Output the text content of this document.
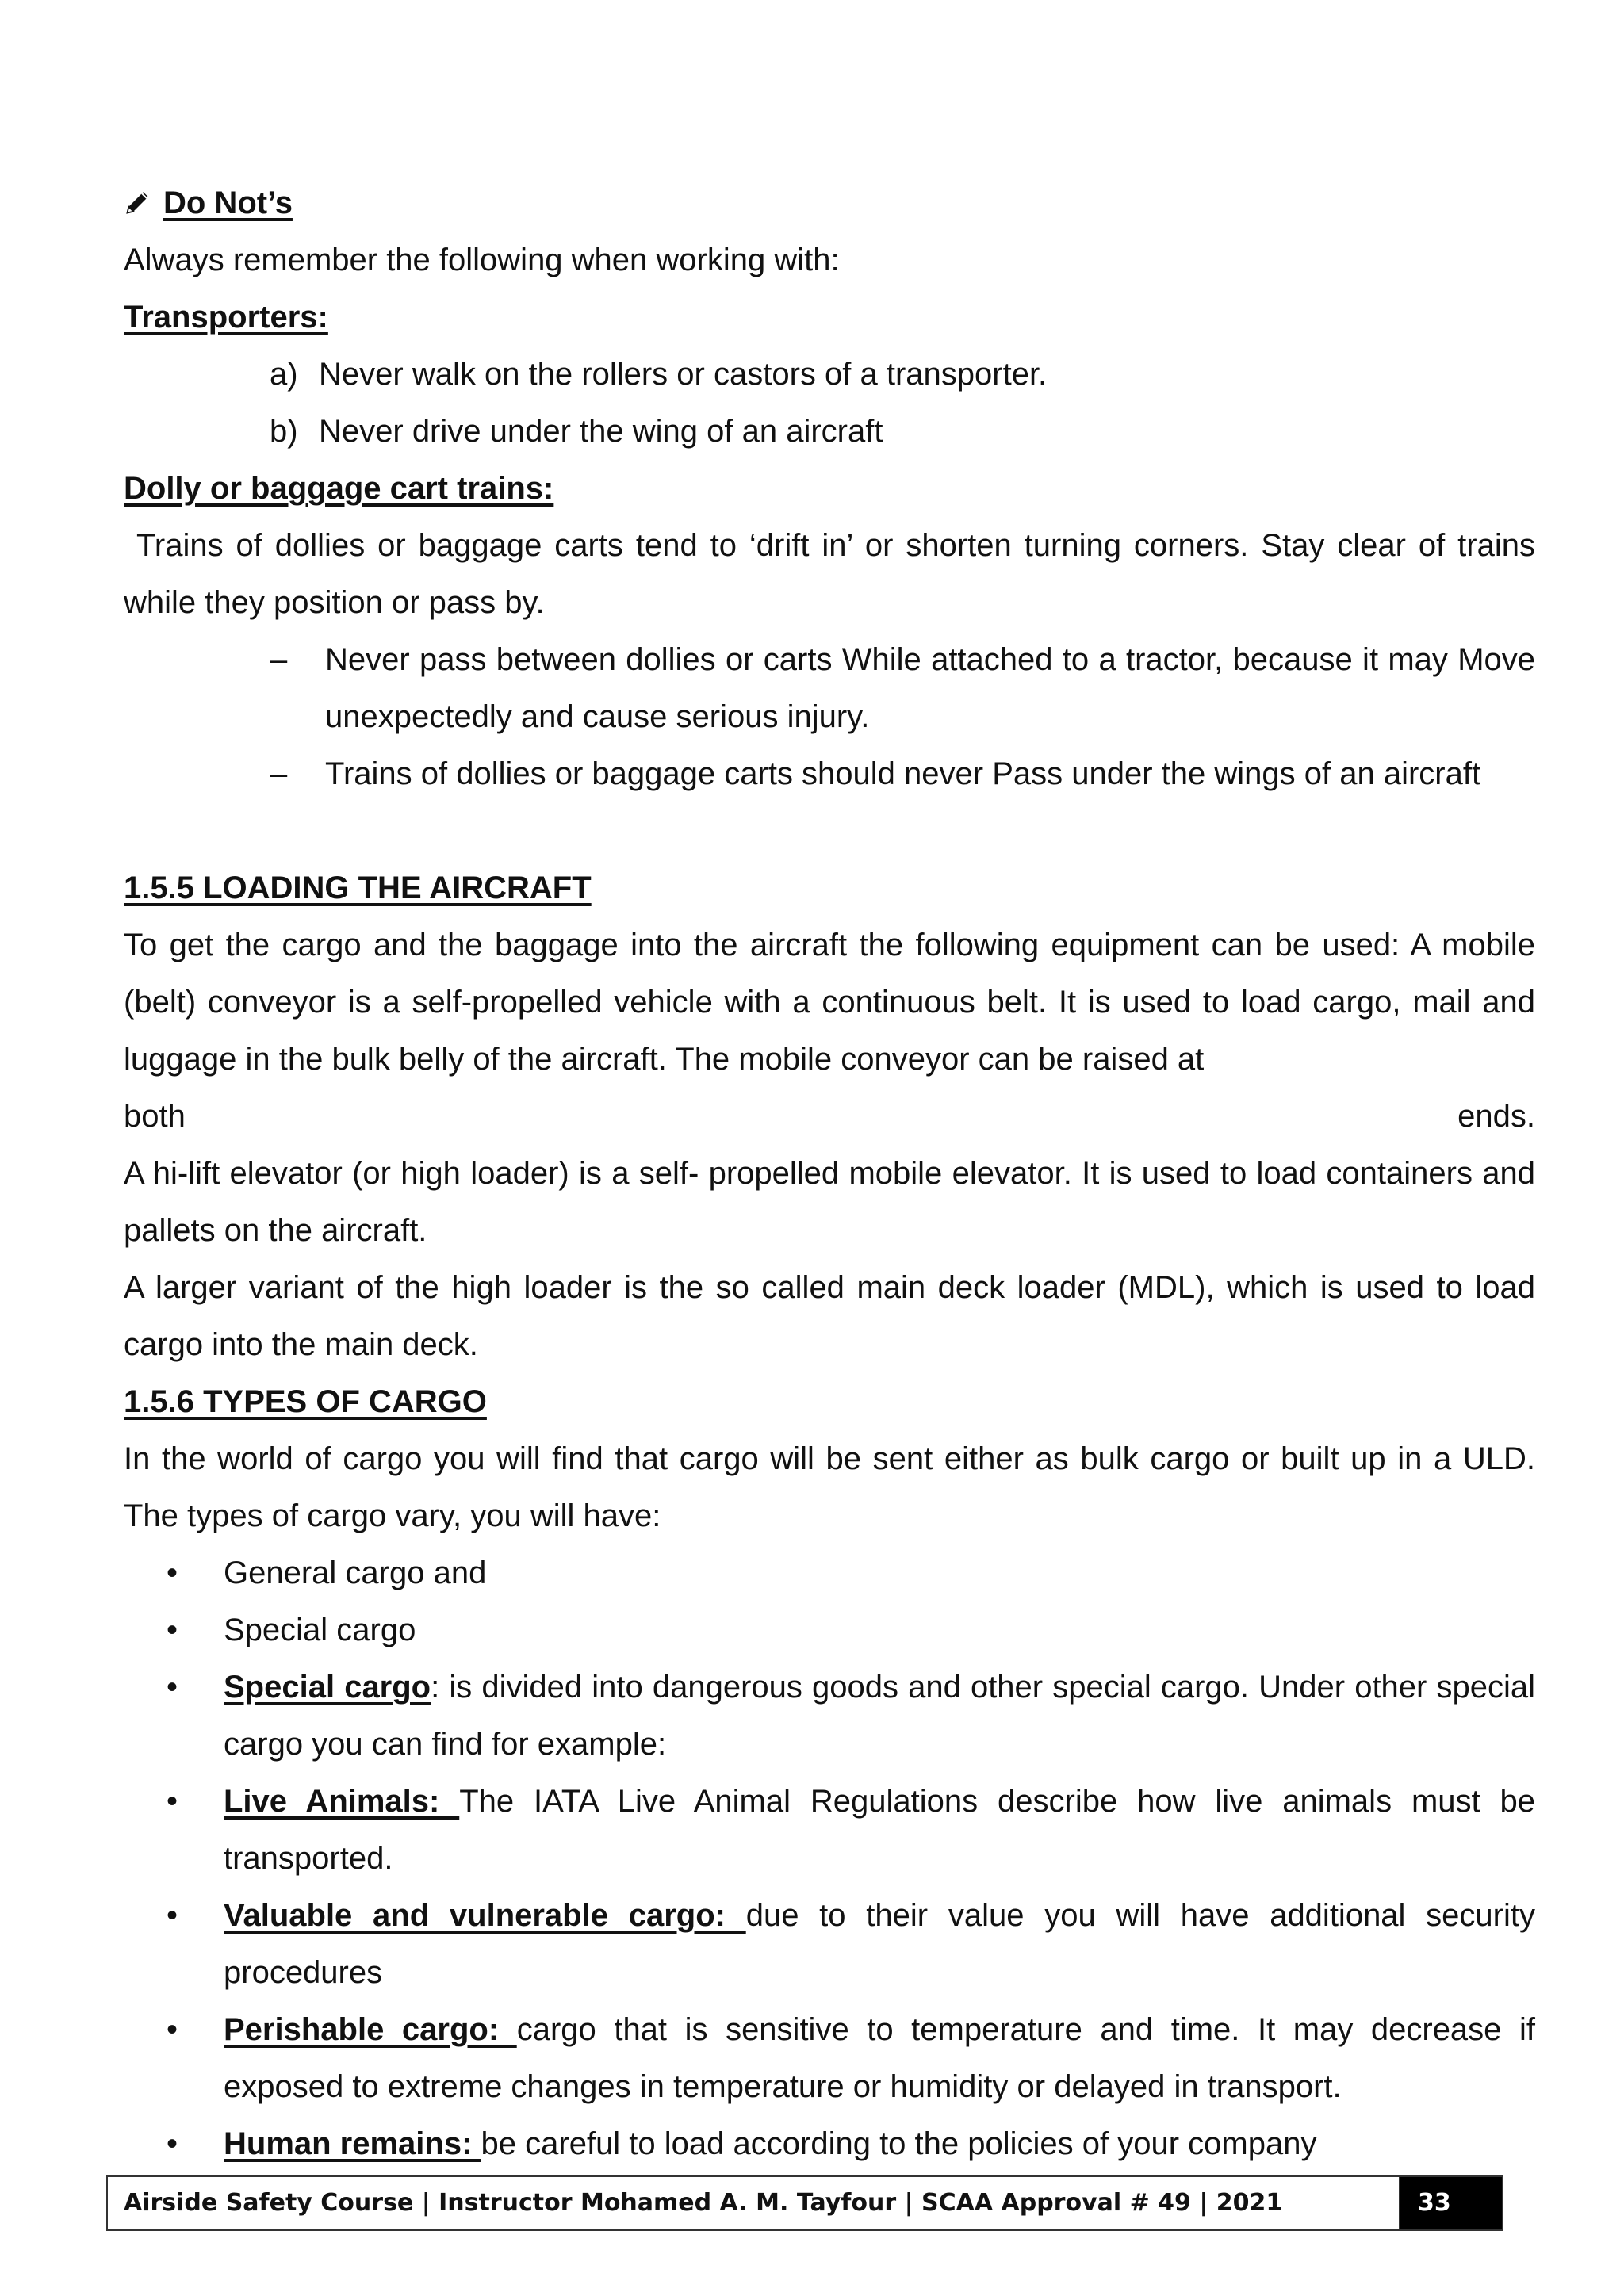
Do Not’s

Always remember the following when working with:

Transporters:

a) Never walk on the rollers or castors of a transporter.
b) Never drive under the wing of an aircraft

Dolly or baggage cart trains:

Trains of dollies or baggage carts tend to ‘drift in’ or shorten turning corners. Stay clear of trains while they position or pass by.

–	Never pass between dollies or carts While attached to a tractor, because it may Move unexpectedly and cause serious injury.
–	Trains of dollies or baggage carts should never Pass under the wings of an aircraft

1.5.5 LOADING THE AIRCRAFT

To get the cargo and the baggage into the aircraft the following equipment can be used: A mobile (belt) conveyor is a self-propelled vehicle with a continuous belt. It is used to load cargo, mail and luggage in the bulk belly of the aircraft. The mobile conveyor can be raised at

both	ends.

A hi-lift elevator (or high loader) is a self- propelled mobile elevator. It is used to load containers and pallets on the aircraft.

A larger variant of the high loader is the so called main deck loader (MDL), which is used to load cargo into the main deck.

1.5.6 TYPES OF CARGO

In the world of cargo you will find that cargo will be sent either as bulk cargo or built up in a ULD. The types of cargo vary, you will have:

•	General cargo and
•	Special cargo
•	Special cargo: is divided into dangerous goods and other special cargo. Under other special cargo you can find for example:
•	Live Animals: The IATA Live Animal Regulations describe how live animals must be transported.
•	Valuable and vulnerable cargo: due to their value you will have additional security procedures
•	Perishable cargo: cargo that is sensitive to temperature and time. It may decrease if exposed to extreme changes in temperature or humidity or delayed in transport.
•	Human remains: be careful to load according to the policies of your company
Airside Safety Course | Instructor Mohamed A. M. Tayfour | SCAA Approval # 49 | 2021	33
